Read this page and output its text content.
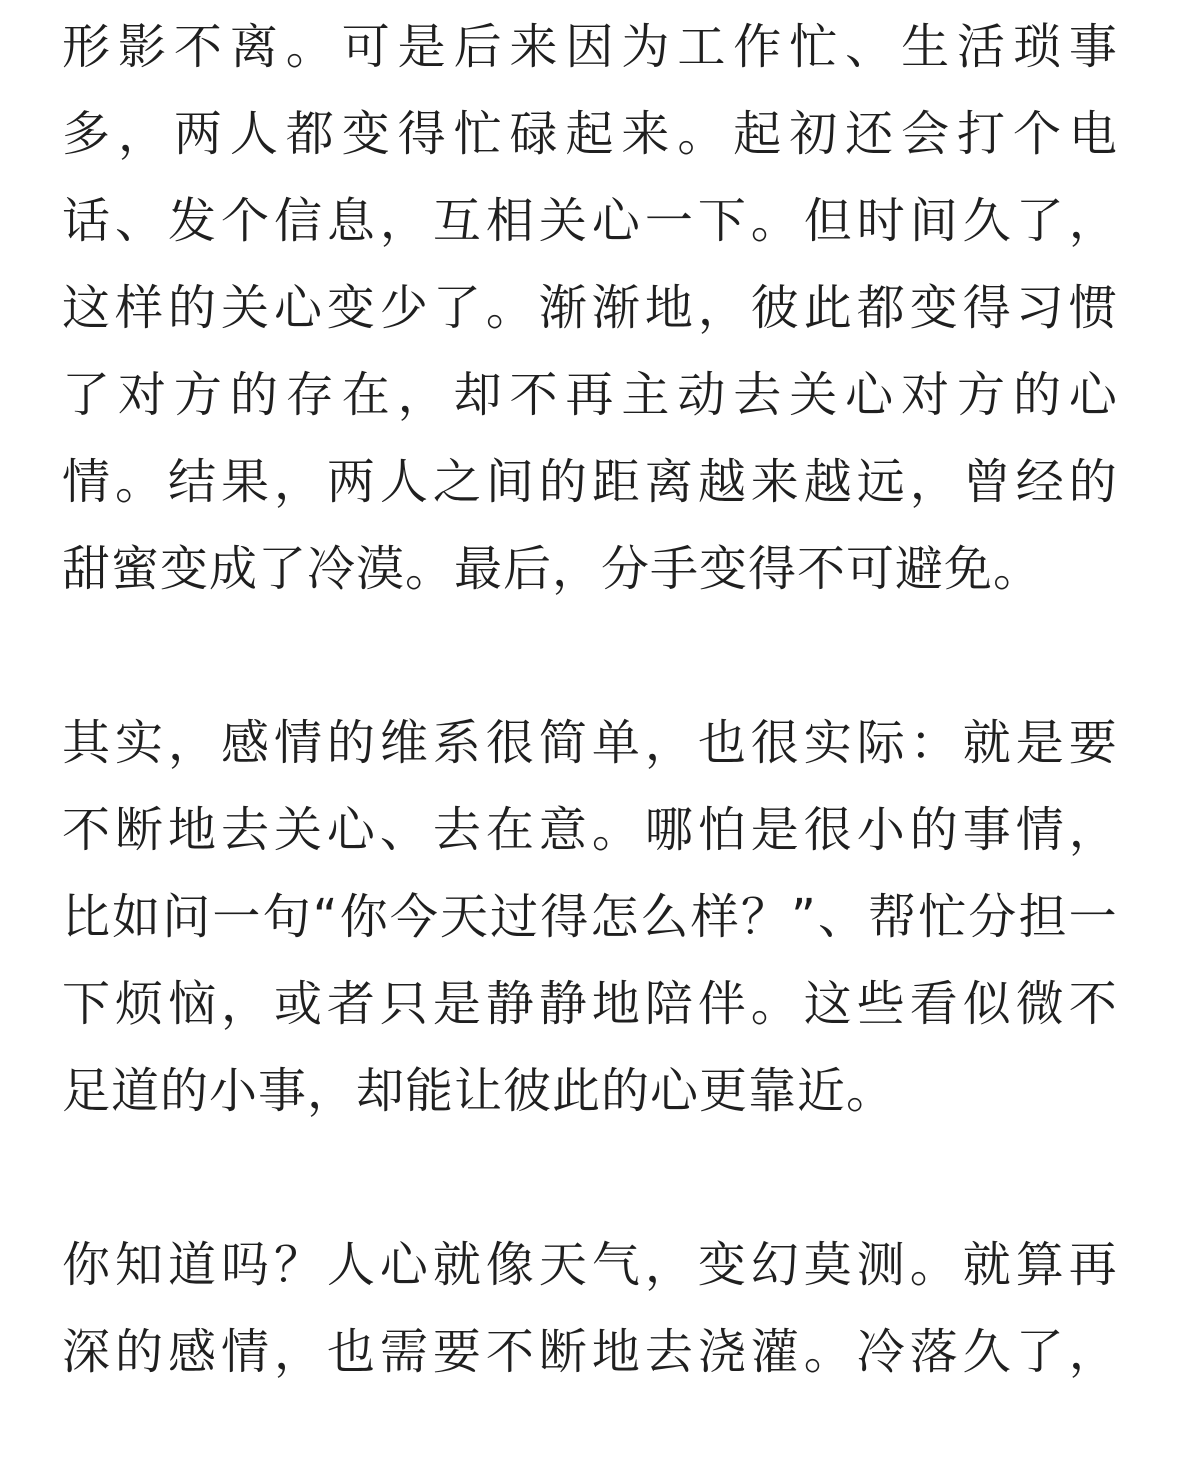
形 影 不 离 。 可 是 后 来 因 为 工 作 忙 、 生 活 琐 事
多 ， 两 人 都 变 得 忙 碌 起 来 。 起 初 还 会 打 个 电
话 、 发 个 信 息 ， 互 相 关 心 一 下 。 但 时 间 久 了 ，
这 样 的 关 心 变 少 了 。 渐 渐 地 ， 彼 此 都 变 得 习 惯
了 对 方 的 存 在 ， 却 不 再 主 动 去 关 心 对 方 的 心
情 。 结 果 ， 两 人 之 间 的 距 离 越 来 越 远 ， 曾 经 的
甜蜜变成了冷漠。最后，分手变得不可避免。
其 实 ， 感 情 的 维 系 很 简 单 ， 也 很 实 际 ： 就 是 要
不 断 地 去 关 心 、 去 在 意 。 哪 怕 是 很 小 的 事 情 ，
比 如 问 一 句 “ 你 今 天 过 得 怎 么 样 ？ ” 、 帮 忙 分 担 一
下 烦 恼 ， 或 者 只 是 静 静 地 陪 伴 。 这 些 看 似 微 不
足道的小事，却能让彼此的心更靠近。
你 知 道 吗 ？ 人 心 就 像 天 气 ， 变 幻 莫 测 。 就 算 再
深 的 感 情 ， 也 需 要 不 断 地 去 浇 灌 。 冷 落 久 了 ，
